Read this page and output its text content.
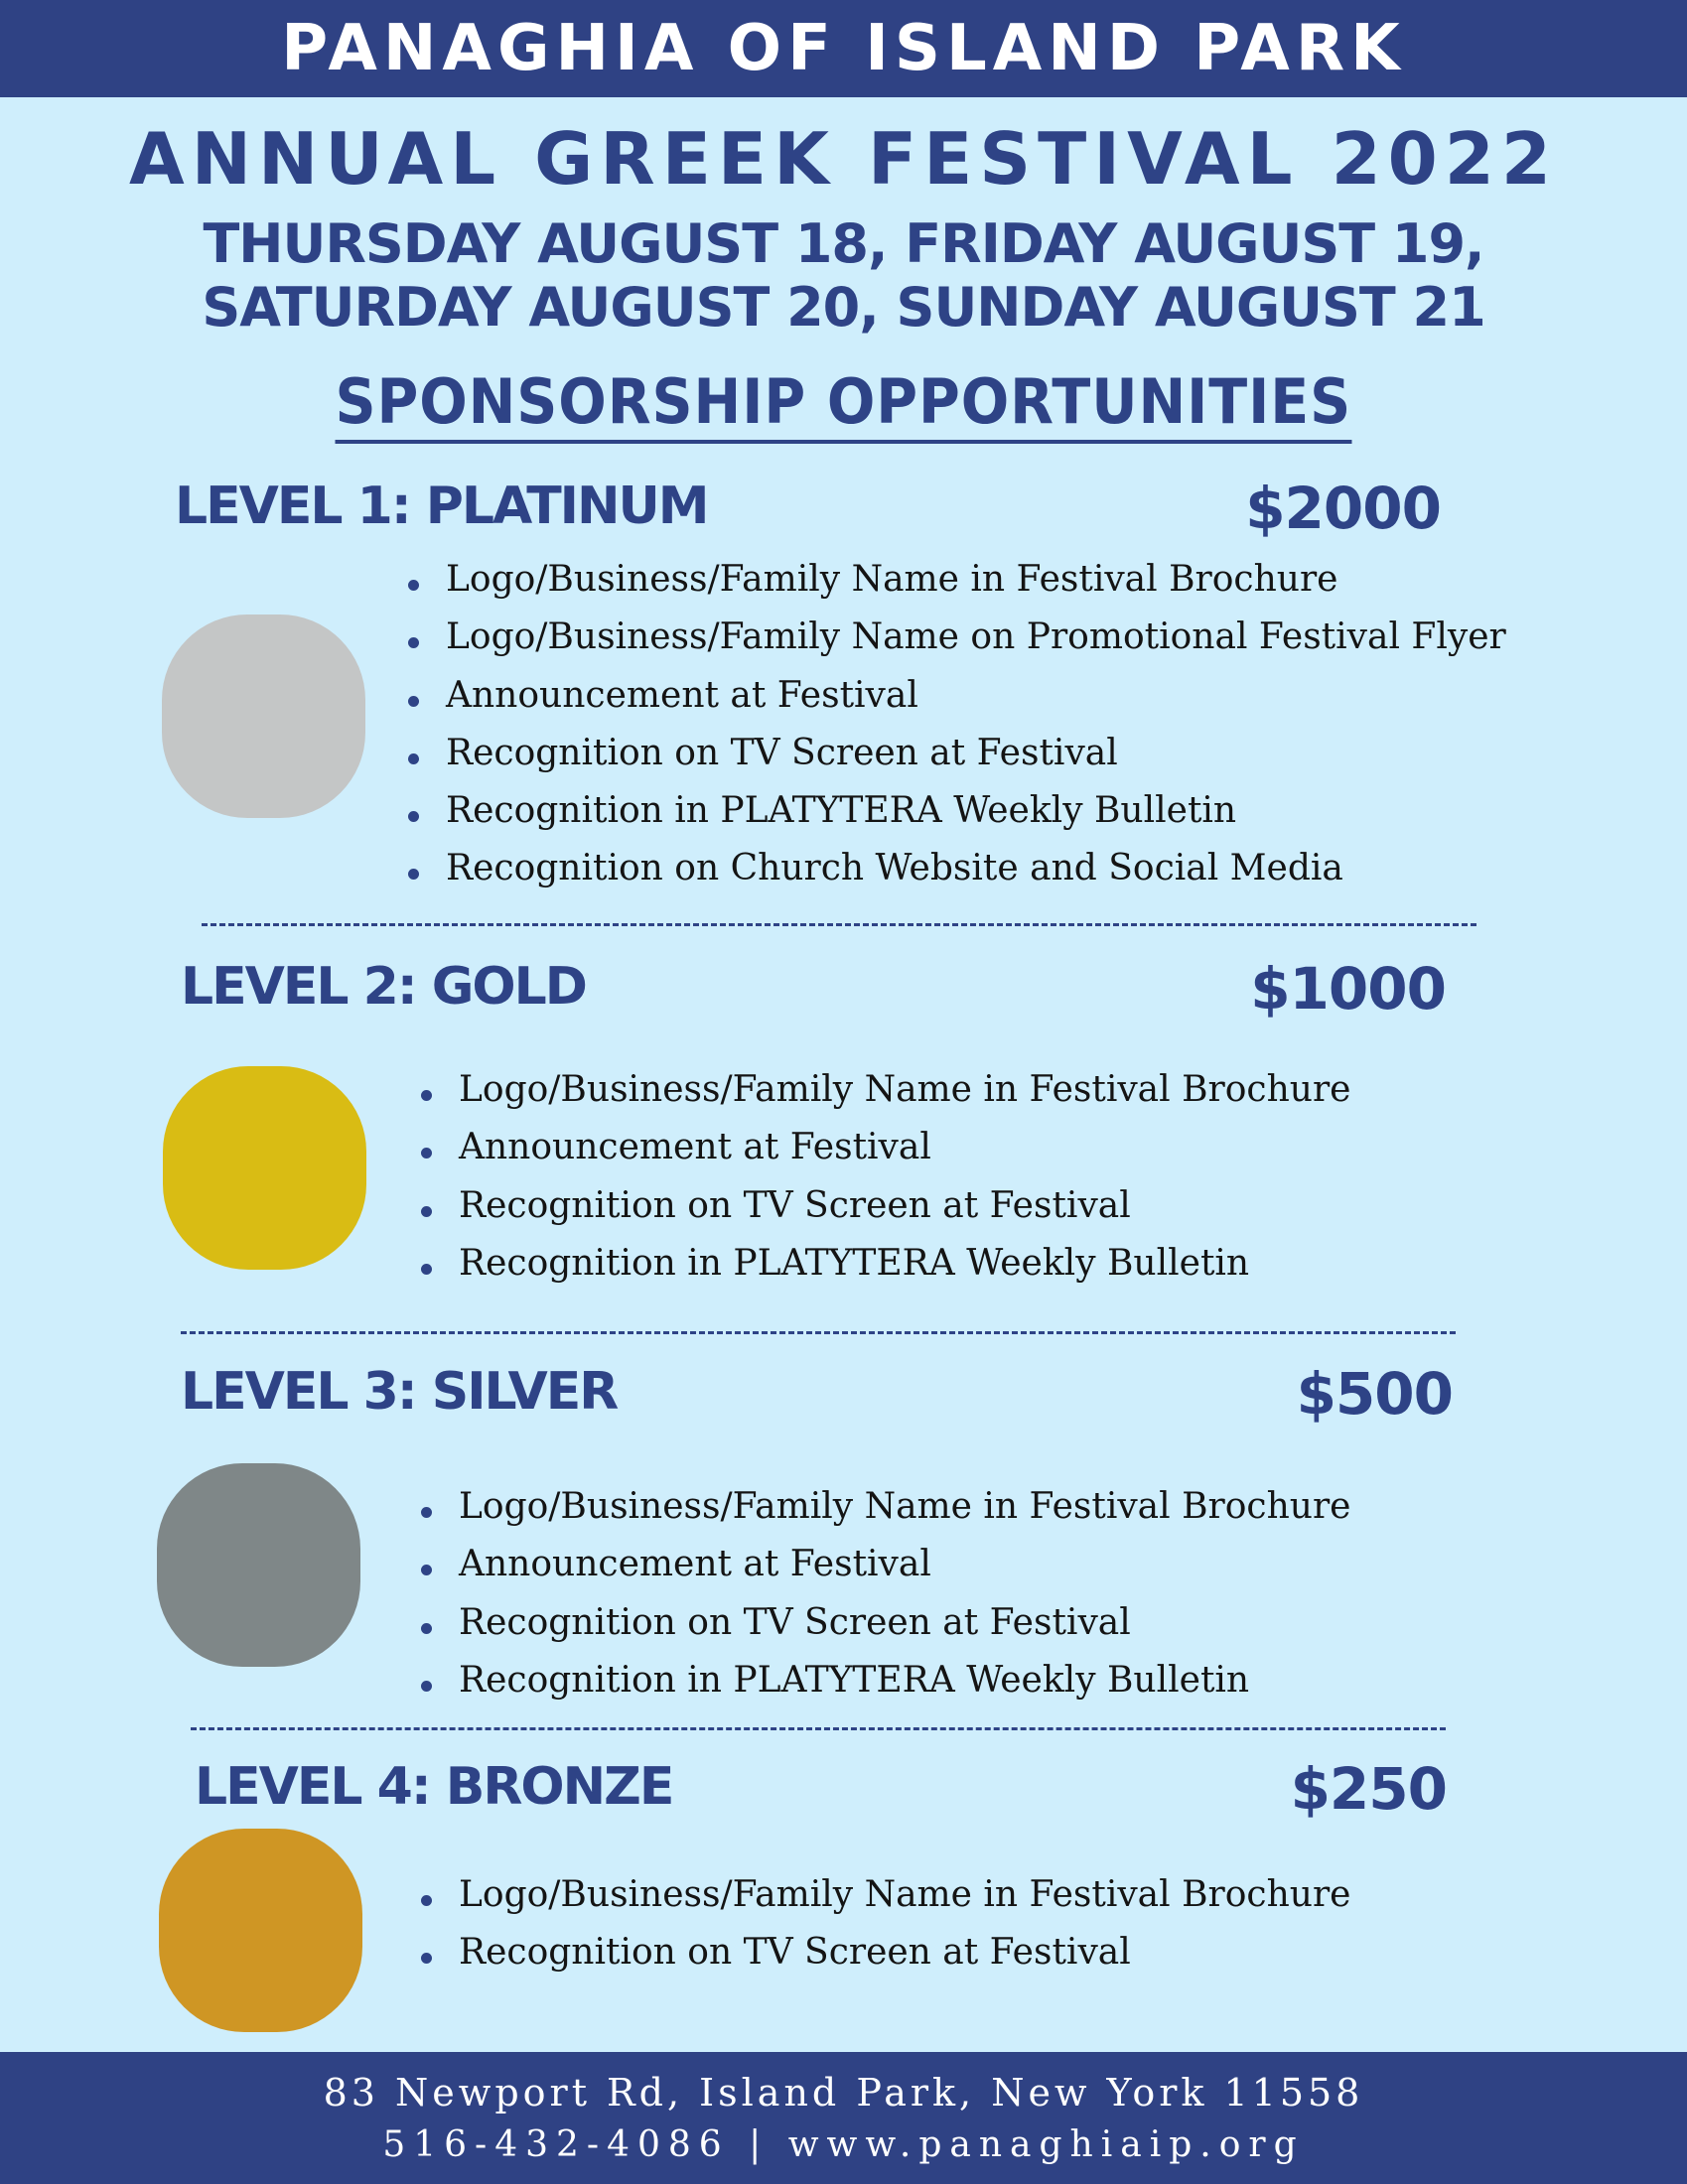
PANAGHIA OF ISLAND PARK
ANNUAL GREEK FESTIVAL 2022
THURSDAY AUGUST 18, FRIDAY AUGUST 19,
SATURDAY AUGUST 20, SUNDAY AUGUST 21
SPONSORSHIP OPPORTUNITIES
LEVEL 1: PLATINUM	$2000
Logo/Business/Family Name in Festival Brochure
Logo/Business/Family Name on Promotional Festival Flyer
Announcement at Festival
Recognition on TV Screen at Festival
Recognition in PLATYTERA Weekly Bulletin
Recognition on Church Website and Social Media
LEVEL 2: GOLD	$1000
Logo/Business/Family Name in Festival Brochure
Announcement at Festival
Recognition on TV Screen at Festival
Recognition in PLATYTERA Weekly Bulletin
LEVEL 3: SILVER	$500
Logo/Business/Family Name in Festival Brochure
Announcement at Festival
Recognition on TV Screen at Festival
Recognition in PLATYTERA Weekly Bulletin
LEVEL 4: BRONZE	$250
Logo/Business/Family Name in Festival Brochure
Recognition on TV Screen at Festival
83 Newport Rd, Island Park, New York 11558
516-432-4086 | www.panaghiaip.org
